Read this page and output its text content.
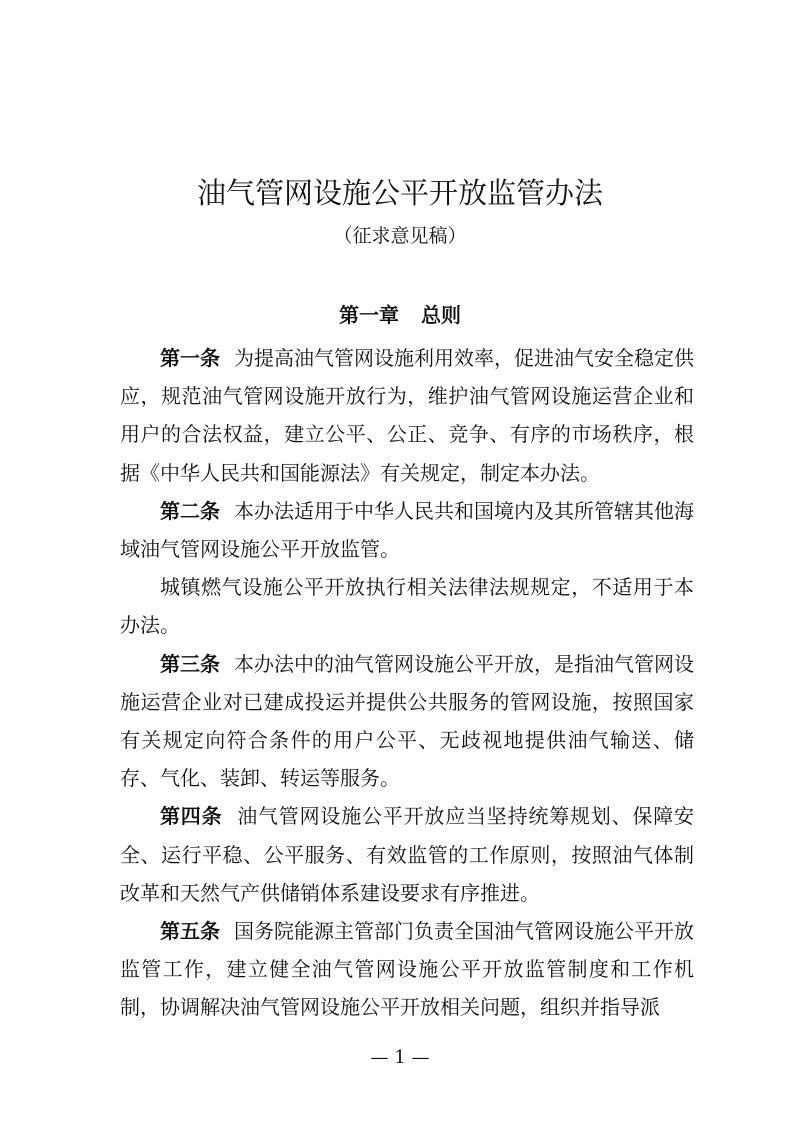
油气管网设施公平开放监管办法
（征求意见稿）
第一章 总则

第一条 为提高油气管网设施利用效率，促进油气安全稳定供应，规范油气管网设施开放行为，维护油气管网设施运营企业和用户的合法权益，建立公平、公正、竞争、有序的市场秩序，根据《中华人民共和国能源法》有关规定，制定本办法。

第二条 本办法适用于中华人民共和国境内及其所管辖其他海域油气管网设施公平开放监管。

城镇燃气设施公平开放执行相关法律法规规定，不适用于本办法。

第三条 本办法中的油气管网设施公平开放，是指油气管网设施运营企业对已建成投运并提供公共服务的管网设施，按照国家有关规定向符合条件的用户公平、无歧视地提供油气输送、储存、气化、装卸、转运等服务。

第四条 油气管网设施公平开放应当坚持统筹规划、保障安全、运行平稳、公平服务、有效监管的工作原则，按照油气体制改革和天然气产供储销体系建设要求有序推进。

第五条 国务院能源主管部门负责全国油气管网设施公平开放监管工作，建立健全油气管网设施公平开放监管制度和工作机制，协调解决油气管网设施公平开放相关问题，组织并指导派

— 1 —
